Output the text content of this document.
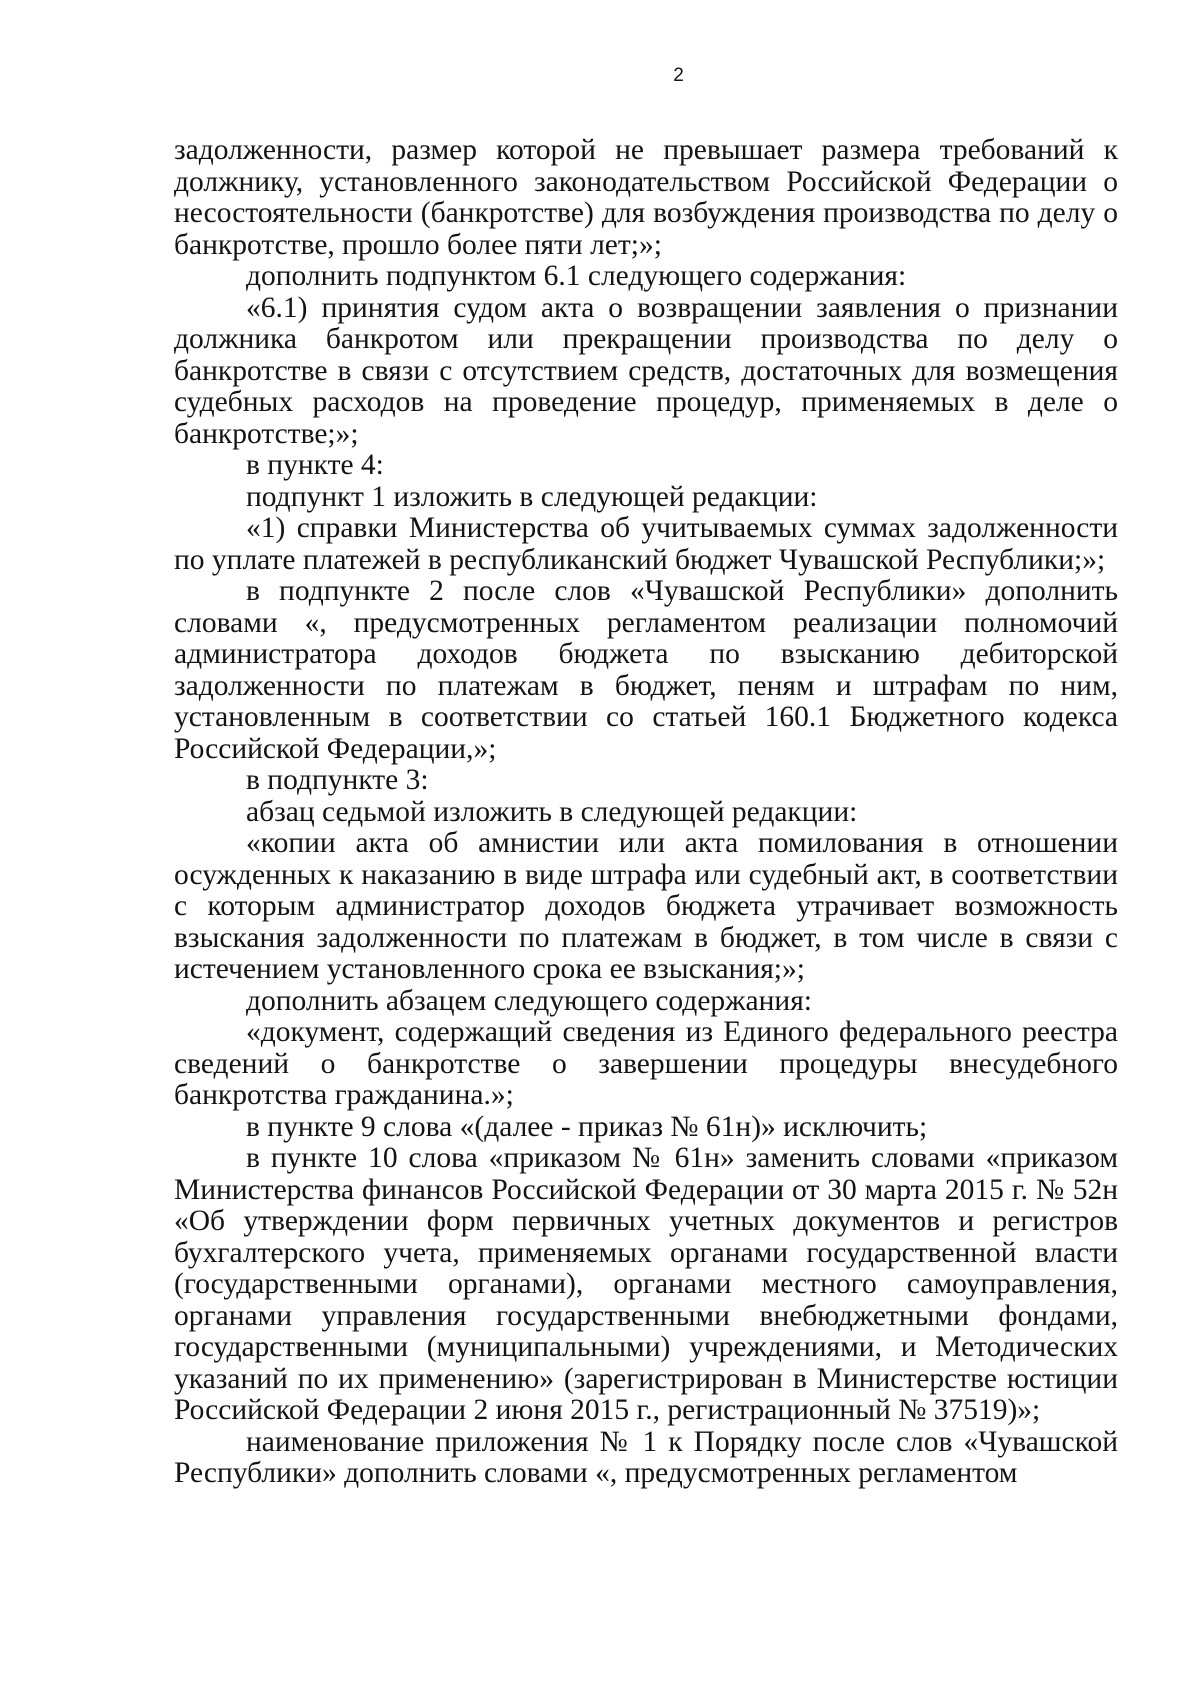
2

задолженности, размер которой не превышает размера требований к должнику, установленного законодательством Российской Федерации о несостоятельности (банкротстве) для возбуждения производства по делу о банкротстве, прошло более пяти лет;»;

дополнить подпунктом 6.1 следующего содержания:

«6.1) принятия судом акта о возвращении заявления о признании должника банкротом или прекращении производства по делу о банкротстве в связи с отсутствием средств, достаточных для возмещения судебных расходов на проведение процедур, применяемых в деле о банкротстве;»;

в пункте 4:

подпункт 1 изложить в следующей редакции:

«1) справки Министерства об учитываемых суммах задолженности по уплате платежей в республиканский бюджет Чувашской Республики;»;

в подпункте 2 после слов «Чувашской Республики» дополнить словами «, предусмотренных регламентом реализации полномочий администратора доходов бюджета по взысканию дебиторской задолженности по платежам в бюджет, пеням и штрафам по ним, установленным в соответствии со статьей 160.1 Бюджетного кодекса Российской Федерации,»;

в подпункте 3:

абзац седьмой изложить в следующей редакции:

«копии акта об амнистии или акта помилования в отношении осужденных к наказанию в виде штрафа или судебный акт, в соответствии с которым администратор доходов бюджета утрачивает возможность взыскания задолженности по платежам в бюджет, в том числе в связи с истечением установленного срока ее взыскания;»;

дополнить абзацем следующего содержания:

«документ, содержащий сведения из Единого федерального реестра сведений о банкротстве о завершении процедуры внесудебного банкротства гражданина.»;

в пункте 9 слова «(далее - приказ № 61н)» исключить;

в пункте 10 слова «приказом № 61н» заменить словами «приказом Министерства финансов Российской Федерации от 30 марта 2015 г. № 52н «Об утверждении форм первичных учетных документов и регистров бухгалтерского учета, применяемых органами государственной власти (государственными органами), органами местного самоуправления, органами управления государственными внебюджетными фондами, государственными (муниципальными) учреждениями, и Методических указаний по их применению» (зарегистрирован в Министерстве юстиции Российской Федерации 2 июня 2015 г., регистрационный № 37519)»;

наименование приложения № 1 к Порядку после слов «Чувашской Республики» дополнить словами «, предусмотренных регламентом
